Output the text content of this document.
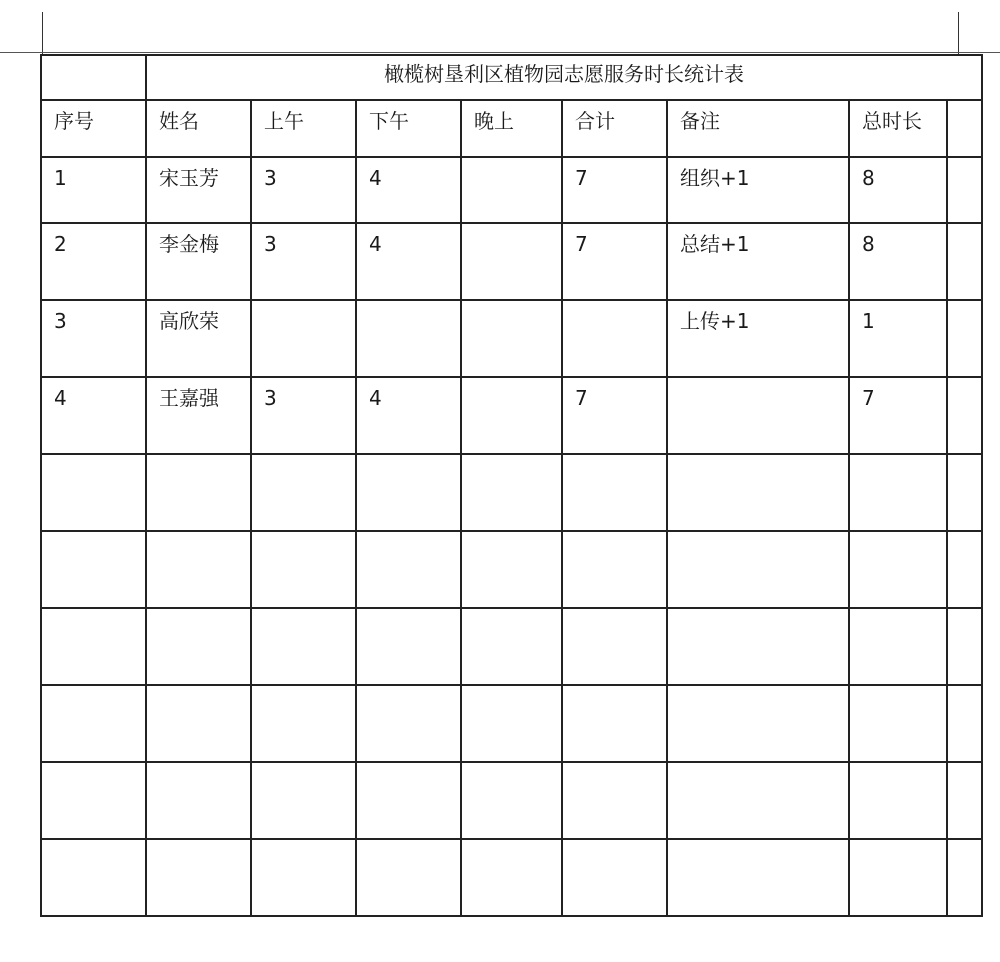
	橄榄树垦利区植物园志愿服务时长统计表							
序号	姓名	上午	下午	晚上	合计	备注	总时长	
1	宋玉芳	3	4		7	组织+1	8	
2	李金梅	3	4		7	总结+1	8	
3	高欣荣					上传+1	1	
4	王嘉强	3	4		7		7	
